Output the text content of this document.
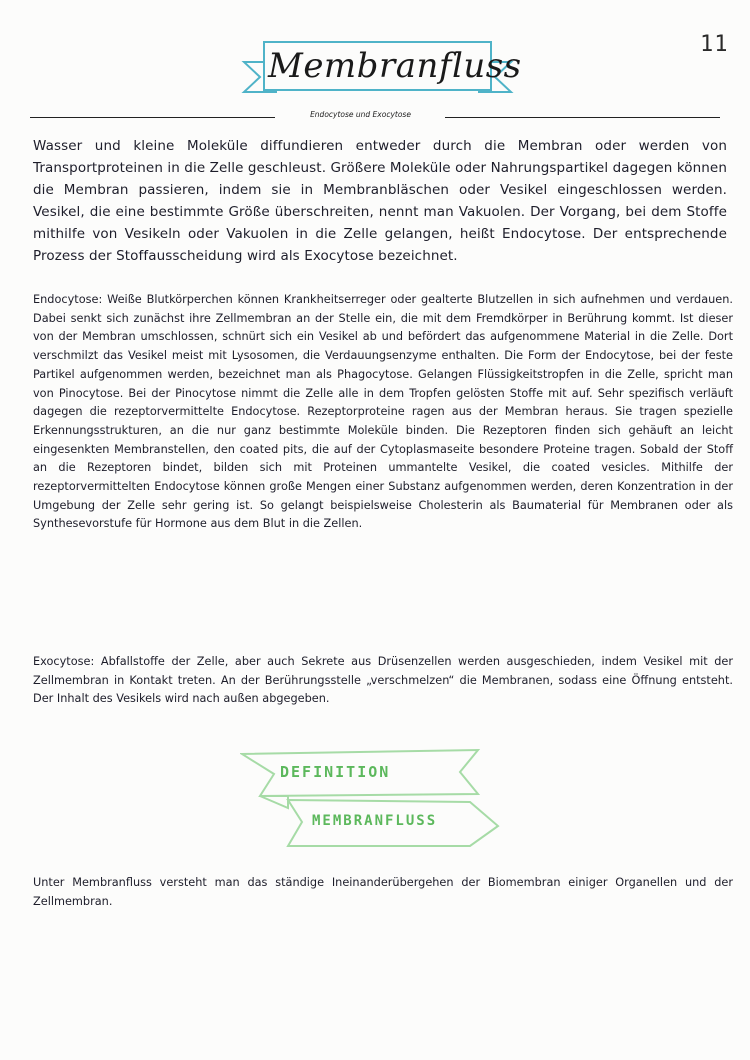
11
Membranfluss
Endocytose und Exocytose

Wasser und kleine Moleküle diffundieren entweder durch die Membran oder werden von Transportproteinen in die Zelle geschleust. Größere Moleküle oder Nahrungspartikel dagegen können die Membran passieren, indem sie in Membranbläschen oder Vesikel eingeschlossen werden. Vesikel, die eine bestimmte Größe überschreiten, nennt man Vakuolen. Der Vorgang, bei dem Stoffe mithilfe von Vesikeln oder Vakuolen in die Zelle gelangen, heißt Endocytose. Der entsprechende Prozess der Stoffausscheidung wird als Exocytose bezeichnet.

Endocytose: Weiße Blutkörperchen können Krankheitserreger oder gealterte Blutzellen in sich aufnehmen und verdauen. Dabei senkt sich zunächst ihre Zellmembran an der Stelle ein, die mit dem Fremdkörper in Berührung kommt. Ist dieser von der Membran umschlossen, schnürt sich ein Vesikel ab und befördert das aufgenommene Material in die Zelle. Dort verschmilzt das Vesikel meist mit Lysosomen, die Verdauungsenzyme enthalten. Die Form der Endocytose, bei der feste Partikel aufgenommen werden, bezeichnet man als Phagocytose. Gelangen Flüssigkeitstropfen in die Zelle, spricht man von Pinocytose. Bei der Pinocytose nimmt die Zelle alle in dem Tropfen gelösten Stoffe mit auf. Sehr spezifisch verläuft dagegen die rezeptorvermittelte Endocytose. Rezeptorproteine ragen aus der Membran heraus. Sie tragen spezielle Erkennungsstrukturen, an die nur ganz bestimmte Moleküle binden. Die Rezeptoren finden sich gehäuft an leicht eingesenkten Membranstellen, den coated pits, die auf der Cytoplasmaseite besondere Proteine tragen. Sobald der Stoff an die Rezeptoren bindet, bilden sich mit Proteinen ummantelte Vesikel, die coated vesicles. Mithilfe der rezeptorvermittelten Endocytose können große Mengen einer Substanz aufgenommen werden, deren Konzentration in der Umgebung der Zelle sehr gering ist. So gelangt beispielsweise Cholesterin als Baumaterial für Membranen oder als Synthesevorstufe für Hormone aus dem Blut in die Zellen.

Exocytose: Abfallstoffe der Zelle, aber auch Sekrete aus Drüsenzellen werden ausgeschieden, indem Vesikel mit der Zellmembran in Kontakt treten. An der Berührungsstelle „verschmelzen“ die Membranen, sodass eine Öffnung entsteht. Der Inhalt des Vesikels wird nach außen abgegeben.

DEFINITION
MEMBRANFLUSS

Unter Membranfluss versteht man das ständige Ineinanderübergehen der Biomembran einiger Organellen und der Zellmembran.
